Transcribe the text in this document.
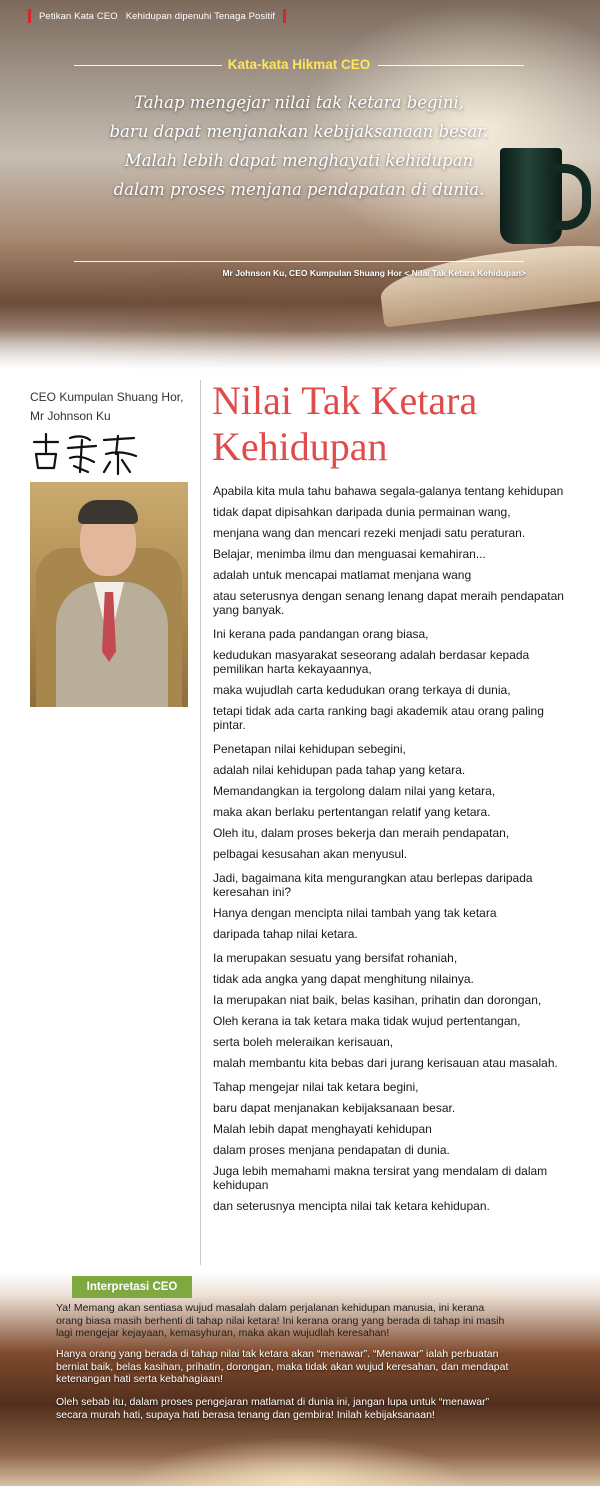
Petikan Kata CEO Kehidupan dipenuhi Tenaga Positif
Kata-kata Hikmat CEO
Tahap mengejar nilai tak ketara begini,
baru dapat menjanakan kebijaksanaan besar.
Malah lebih dapat menghayati kehidupan
dalam proses menjana pendapatan di dunia.
Mr Johnson Ku, CEO Kumpulan Shuang Hor < Nilai Tak Ketara Kehidupan>
CEO Kumpulan Shuang Hor,
Mr Johnson Ku	Nilai Tak Ketara
Kehidupan

Apabila kita mula tahu bahawa segala-galanya tentang kehidupan

tidak dapat dipisahkan daripada dunia permainan wang,

menjana wang dan mencari rezeki menjadi satu peraturan.

Belajar, menimba ilmu dan menguasai kemahiran...

adalah untuk mencapai matlamat menjana wang

atau seterusnya dengan senang lenang dapat meraih pendapatan yang banyak.

Ini kerana pada pandangan orang biasa,

kedudukan masyarakat seseorang adalah berdasar kepada pemilikan harta kekayaannya,

maka wujudlah carta kedudukan orang terkaya di dunia,

tetapi tidak ada carta ranking bagi akademik atau orang paling pintar.

Penetapan nilai kehidupan sebegini,

adalah nilai kehidupan pada tahap yang ketara.

Memandangkan ia tergolong dalam nilai yang ketara,

maka akan berlaku pertentangan relatif yang ketara.

Oleh itu, dalam proses bekerja dan meraih pendapatan,

pelbagai kesusahan akan menyusul.

Jadi, bagaimana kita mengurangkan atau berlepas daripada keresahan ini?

Hanya dengan mencipta nilai tambah yang tak ketara

daripada tahap nilai ketara.

Ia merupakan sesuatu yang bersifat rohaniah,

tidak ada angka yang dapat menghitung nilainya.

Ia merupakan niat baik, belas kasihan, prihatin dan dorongan,

Oleh kerana ia tak ketara maka tidak wujud pertentangan,

serta boleh meleraikan kerisauan,

malah membantu kita bebas dari jurang kerisauan atau masalah.

Tahap mengejar nilai tak ketara begini,

baru dapat menjanakan kebijaksanaan besar.

Malah lebih dapat menghayati kehidupan

dalam proses menjana pendapatan di dunia.

Juga lebih memahami makna tersirat yang mendalam di dalam kehidupan

dan seterusnya mencipta nilai tak ketara kehidupan.

Interpretasi CEO
Ya! Memang akan sentiasa wujud masalah dalam perjalanan kehidupan manusia, ini kerana
orang biasa masih berhenti di tahap nilai ketara! Ini kerana orang yang berada di tahap ini masih
lagi mengejar kejayaan, kemasyhuran, maka akan wujudlah keresahan!
Hanya orang yang berada di tahap nilai tak ketara akan “menawar”. “Menawar” ialah perbuatan
berniat baik, belas kasihan, prihatin, dorongan, maka tidak akan wujud keresahan, dan mendapat
ketenangan hati serta kebahagiaan!
Oleh sebab itu, dalam proses pengejaran matlamat di dunia ini, jangan lupa untuk “menawar”
secara murah hati, supaya hati berasa tenang dan gembira! Inilah kebijaksanaan!
